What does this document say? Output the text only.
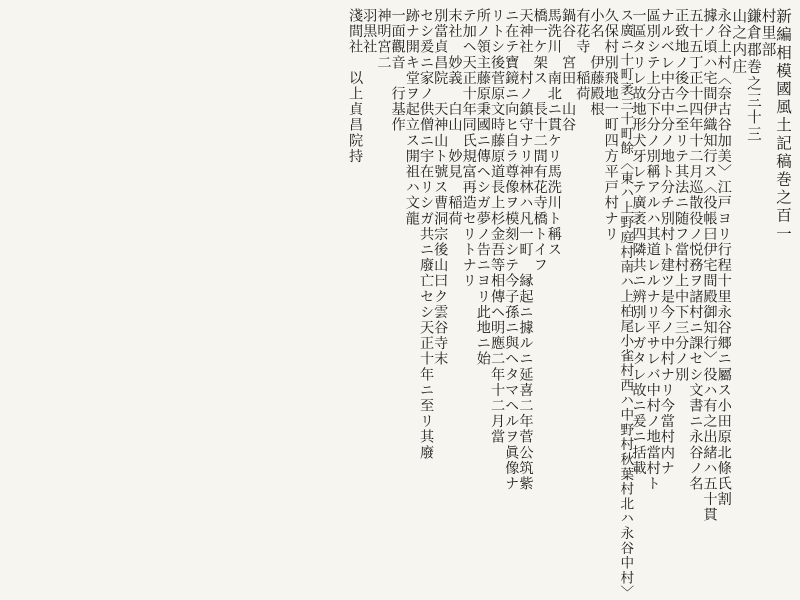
新編相模國風土記稿巻之百一
村里部
鎌倉郡巻之三十三
山之内庄
永谷上村〈奈古谷加美〉江戸ヨリ行程十里永谷郷ニ屬ス小田原北條氏割
據ノ頃ハ宅間伊織知行ス〈役帳曰伊宅間殿御知行〉役ハ有之出緒ハ五十貫
五十五丁正十四年十二月巡散役ノ悦務ヲ諸村ニ課セシ文書ニ永谷ノ名
正致地ノ後今ニ至リテ其法ニ随フ當村上中下三分ノ別
ナルベレ中古中分ノ地ト分チ別村ト建ツ是今ノ中村ナリ今當村内ナ
區別シテ上分下分ノ別稱アルハ其道レルナリ平サレバ中村ノ地當村ト
一區タリレ故地形犬牙レテ廣袤四隣共ニ辨別レガタレ故ニ爰ニ括載
ス廣ニ十町袤三十町餘〈東ハ上野庭村南ハ上柏尾小雀村西ハ中野村秋葉村北ハ永谷中村〉
久保村別飛地一町四方平戸村ナリ
小名　伊藤殿根
有花寺　稲荷
鍋谷　宮田　山谷
馬洗川　南北ニ貫ケリ馬洗川ト稱ス
橋一ケ架ス　長十二間有花寺橋トイフ
天神社　村ノ鎮守ナリ神林ハ凡一町　縁起ニ據ルニ延喜二年菅公筑紫
ニ在テ寶鏡ニ向ヒ自ラ尊像ヲ模刻シテ今子孫ニ與ヘタマヘルヲ眞像ナ
リトシ後菅原文時藤原道長上杉金吾等相傳ヘ明應二年十二月當
所ノ領主藤原秉國ニ傳ヘシガ夢ノ告ニヨリ此地ニ始
テ加ヘ天正十年同氏規富再造セリトナリ
末社　妙義　白山　妙見　稲荷
別當貞昌院　天神山ト號ス曹洞宗後山曰ク雲谷寺末
セシ爰ニ家ノ供僧ニ宇在リシガ共ニ廢亡セシ天正十年ニ至リ其廢
跡ナ開キ堂ヲ起立ス開祖ハ文龍
一面觀音　行基作
神明宮二
羽黒社
淺間社　以上貞昌院持
